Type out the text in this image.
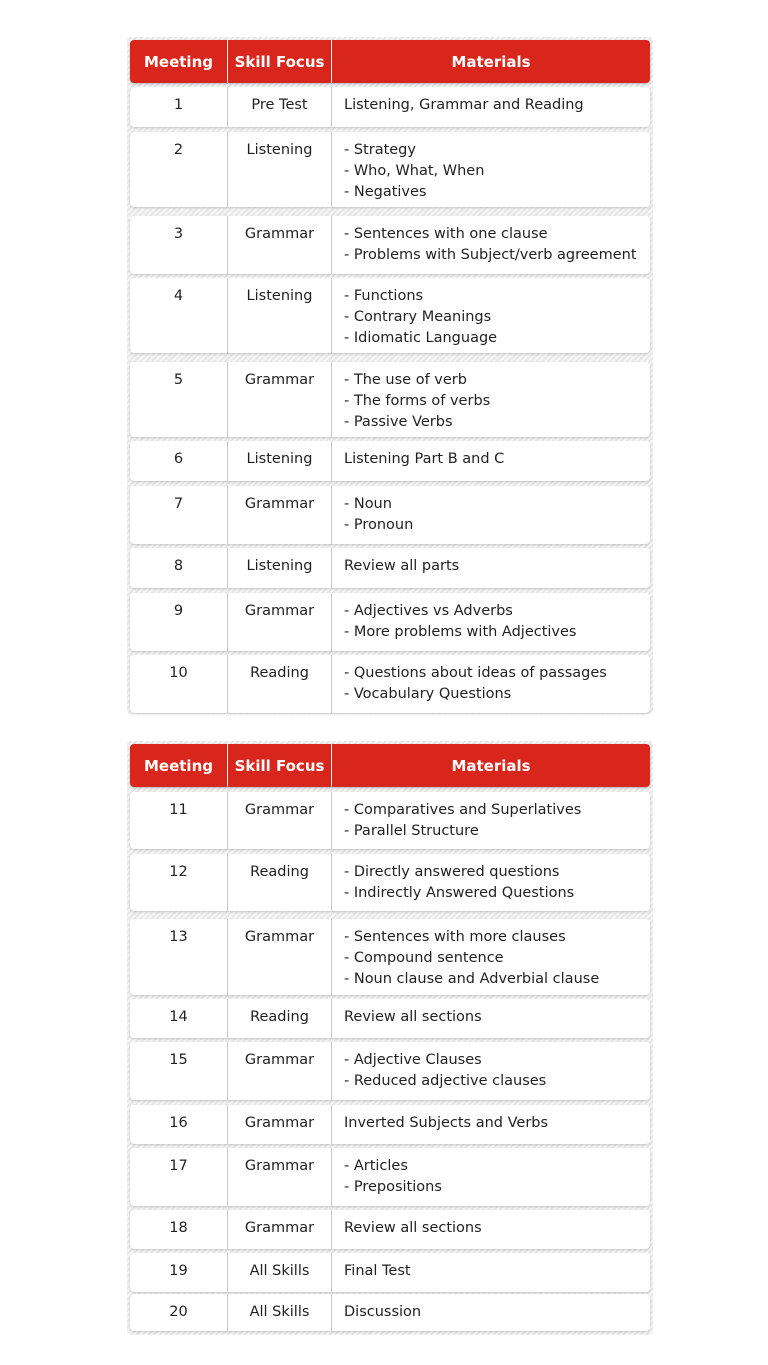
Meeting	Skill Focus	Materials
1	Pre Test	Listening, Grammar and Reading
2	Listening	- Strategy
- Who, What, When
- Negatives
3	Grammar	- Sentences with one clause
- Problems with Subject/verb agreement
4	Listening	- Functions
- Contrary Meanings
- Idiomatic Language
5	Grammar	- The use of verb
- The forms of verbs
- Passive Verbs
6	Listening	Listening Part B and C
7	Grammar	- Noun
- Pronoun
8	Listening	Review all parts
9	Grammar	- Adjectives vs Adverbs
- More problems with Adjectives
10	Reading	- Questions about ideas of passages
- Vocabulary Questions
Meeting	Skill Focus	Materials
11	Grammar	- Comparatives and Superlatives
- Parallel Structure
12	Reading	- Directly answered questions
- Indirectly Answered Questions
13	Grammar	- Sentences with more clauses
- Compound sentence
- Noun clause and Adverbial clause
14	Reading	Review all sections
15	Grammar	- Adjective Clauses
- Reduced adjective clauses
16	Grammar	Inverted Subjects and Verbs
17	Grammar	- Articles
- Prepositions
18	Grammar	Review all sections
19	All Skills	Final Test
20	All Skills	Discussion
